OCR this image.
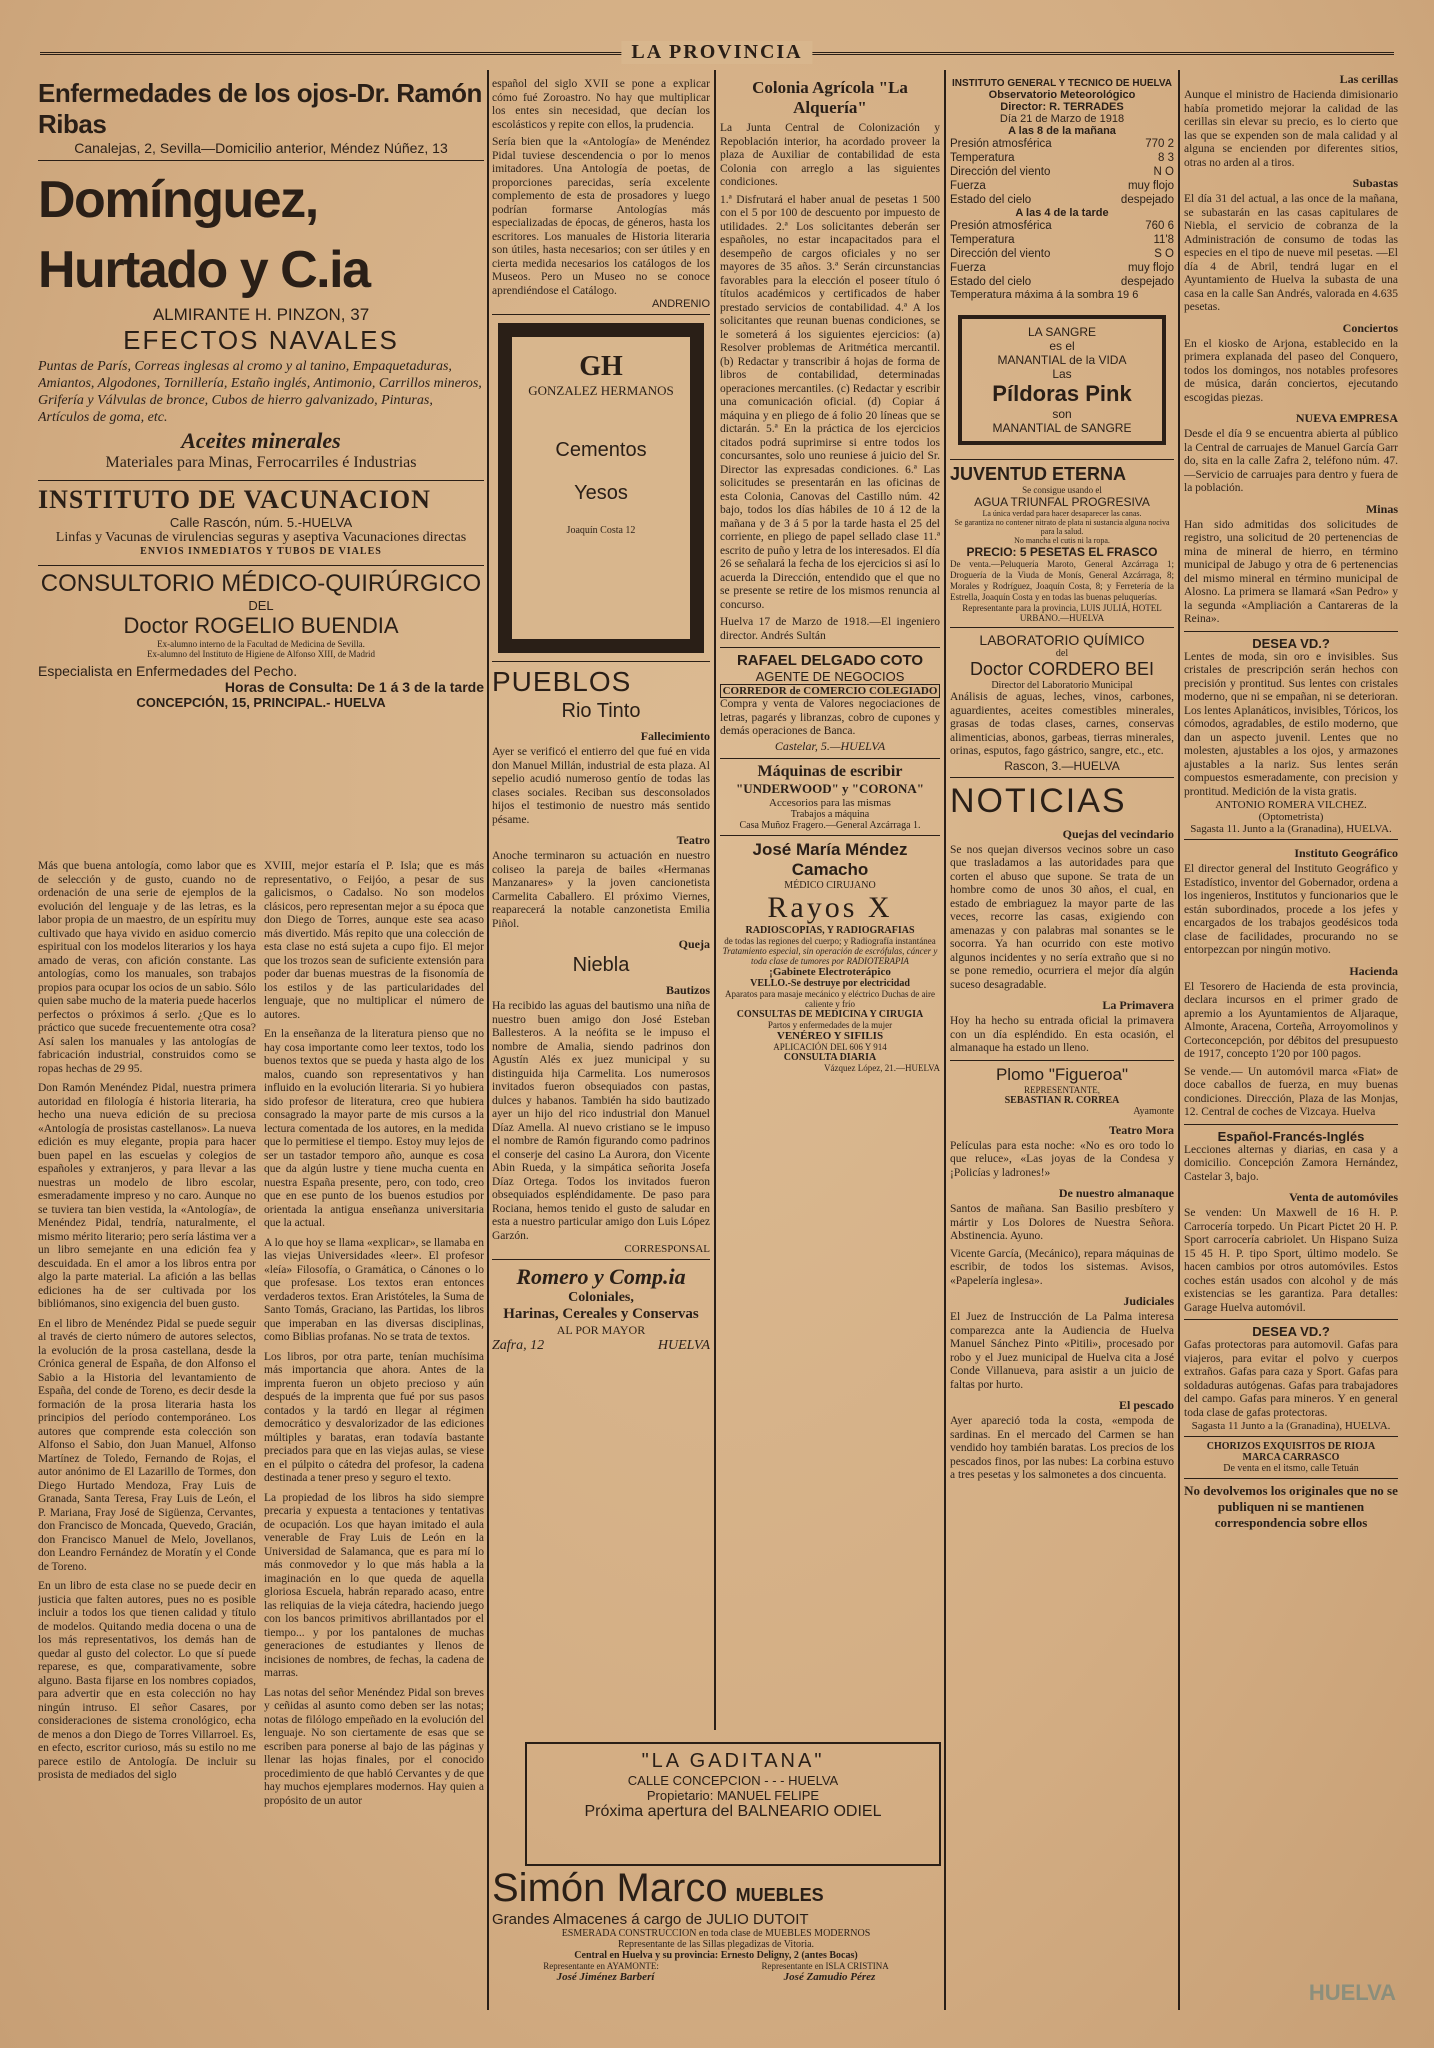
LA PROVINCIA
Enfermedades de los ojos-Dr. Ramón Ribas
Canalejas, 2, Sevilla—Domicilio anterior, Méndez Núñez, 13
Domínguez, Hurtado y C.ia
ALMIRANTE H. PINZON, 37
EFECTOS NAVALES

Puntas de París, Correas inglesas al cromo y al tanino, Empaquetaduras, Amiantos, Algodones, Tornillería, Estaño inglés, Antimonio, Carrillos mineros, Grifería y Válvulas de bronce, Cubos de hierro galvanizado, Pinturas, Artículos de goma, etc.

Aceites minerales
Materiales para Minas, Ferrocarriles é Industrias
INSTITUTO DE VACUNACION
Calle Rascón, núm. 5.-HUELVA
Linfas y Vacunas de virulencias seguras y aseptiva Vacunaciones directas
ENVIOS INMEDIATOS Y TUBOS DE VIALES
CONSULTORIO MÉDICO-QUIRÚRGICO
DEL
Doctor ROGELIO BUENDIA
Ex-alumno interno de la Facultad de Medicina de Sevilla.
Ex-alumno del Instituto de Higiene de Alfonso XIII, de Madrid
Especialista en Enfermedades del Pecho.
Horas de Consulta: De 1 á 3 de la tarde
CONCEPCIÓN, 15, PRINCIPAL.- HUELVA

Más que buena antología, como labor que es de selección y de gusto, cuando no de ordenación de una serie de ejemplos de la evolución del lenguaje y de las letras, es la labor propia de un maestro, de un espíritu muy cultivado que haya vivido en asiduo comercio espiritual con los modelos literarios y los haya amado de veras, con afición constante. Las antologías, como los manuales, son trabajos propios para ocupar los ocios de un sabio. Sólo quien sabe mucho de la materia puede hacerlos perfectos o próximos á serlo. ¿Que es lo práctico que sucede frecuentemente otra cosa? Así salen los manuales y las antologías de fabricación industrial, construidos como se ropas hechas de 29 95.

Don Ramón Menéndez Pidal, nuestra primera autoridad en filología é historia literaria, ha hecho una nueva edición de su preciosa «Antología de prosistas castellanos». La nueva edición es muy elegante, propia para hacer buen papel en las escuelas y colegios de españoles y extranjeros, y para llevar a las nuestras un modelo de libro escolar, esmeradamente impreso y no caro. Aunque no se tuviera tan bien vestida, la «Antología», de Menéndez Pidal, tendría, naturalmente, el mismo mérito literario; pero sería lástima ver a un libro semejante en una edición fea y descuidada. En el amor a los libros entra por algo la parte material. La afición a las bellas ediciones ha de ser cultivada por los bibliómanos, sino exigencia del buen gusto.

En el libro de Menéndez Pidal se puede seguir al través de cierto número de autores selectos, la evolución de la prosa castellana, desde la Crónica general de España, de don Alfonso el Sabio a la Historia del levantamiento de España, del conde de Toreno, es decir desde la formación de la prosa literaria hasta los principios del período contemporáneo. Los autores que comprende esta colección son Alfonso el Sabio, don Juan Manuel, Alfonso Martínez de Toledo, Fernando de Rojas, el autor anónimo de El Lazarillo de Tormes, don Diego Hurtado Mendoza, Fray Luis de Granada, Santa Teresa, Fray Luis de León, el P. Mariana, Fray José de Sigüenza, Cervantes, don Francisco de Moncada, Quevedo, Gracián, don Francisco Manuel de Melo, Jovellanos, don Leandro Fernández de Moratín y el Conde de Toreno.

En un libro de esta clase no se puede decir en justicia que falten autores, pues no es posible incluir a todos los que tienen calidad y título de modelos. Quitando media docena o una de los más representativos, los demás han de quedar al gusto del colector. Lo que sí puede reparese, es que, comparativamente, sobre alguno. Basta fijarse en los nombres copiados, para advertir que en esta colección no hay ningún intruso. El señor Casares, por consideraciones de sistema cronológico, echa de menos a don Diego de Torres Villarroel. Es, en efecto, escritor curioso, más su estilo no me parece estilo de Antología. De incluir su prosista de mediados del siglo

XVIII, mejor estaría el P. Isla; que es más representativo, o Feijóo, a pesar de sus galicismos, o Cadalso. No son modelos clásicos, pero representan mejor a su época que don Diego de Torres, aunque este sea acaso más divertido. Más repito que una colección de esta clase no está sujeta a cupo fijo. El mejor que los trozos sean de suficiente extensión para poder dar buenas muestras de la fisonomía de los estilos y de las particularidades del lenguaje, que no multiplicar el número de autores.

En la enseñanza de la literatura pienso que no hay cosa importante como leer textos, todo los buenos textos que se pueda y hasta algo de los malos, cuando son representativos y han influido en la evolución literaria. Si yo hubiera sido profesor de literatura, creo que hubiera consagrado la mayor parte de mis cursos a la lectura comentada de los autores, en la medida que lo permitiese el tiempo. Estoy muy lejos de ser un tastador temporo año, aunque es cosa que da algún lustre y tiene mucha cuenta en nuestra España presente, pero, con todo, creo que en ese punto de los buenos estudios por orientada la antigua enseñanza universitaria que la actual.

A lo que hoy se llama «explicar», se llamaba en las viejas Universidades «leer». El profesor «leía» Filosofía, o Gramática, o Cánones o lo que profesase. Los textos eran entonces verdaderos textos. Eran Aristóteles, la Suma de Santo Tomás, Graciano, las Partidas, los libros que imperaban en las diversas disciplinas, como Biblias profanas. No se trata de textos.

Los libros, por otra parte, tenían muchísima más importancia que ahora. Antes de la imprenta fueron un objeto precioso y aún después de la imprenta que fué por sus pasos contados y la tardó en llegar al régimen democrático y desvalorizador de las ediciones múltiples y baratas, eran todavía bastante preciados para que en las viejas aulas, se viese en el púlpito o cátedra del profesor, la cadena destinada a tener preso y seguro el texto.

La propiedad de los libros ha sido siempre precaria y expuesta a tentaciones y tentativas de ocupación. Los que hayan imitado el aula venerable de Fray Luis de León en la Universidad de Salamanca, que es para mí lo más conmovedor y lo que más habla a la imaginación en lo que queda de aquella gloriosa Escuela, habrán reparado acaso, entre las reliquias de la vieja cátedra, haciendo juego con los bancos primitivos abrillantados por el tiempo... y por los pantalones de muchas generaciones de estudiantes y llenos de incisiones de nombres, de fechas, la cadena de marras.

Las notas del señor Menéndez Pidal son breves y ceñidas al asunto como deben ser las notas; notas de filólogo empeñado en la evolución del lenguaje. No son ciertamente de esas que se escriben para ponerse al bajo de las páginas y llenar las hojas finales, por el conocido procedimiento de que habló Cervantes y de que hay muchos ejemplares modernos. Hay quien a propósito de un autor

español del siglo XVII se pone a explicar cómo fué Zoroastro. No hay que multiplicar los entes sin necesidad, que decían los escolásticos y repite con ellos, la prudencia.

Sería bien que la «Antología» de Menéndez Pidal tuviese descendencia o por lo menos imitadores. Una Antología de poetas, de proporciones parecidas, sería excelente complemento de esta de prosadores y luego podrían formarse Antologías más especializadas de épocas, de géneros, hasta los escritores. Los manuales de Historia literaria son útiles, hasta necesarios; con ser útiles y en cierta medida necesarios los catálogos de los Museos. Pero un Museo no se conoce aprendiéndose el Catálogo.

ANDRENIO
GH
GONZALEZ HERMANOS
Cementos
Yesos
Joaquín Costa 12
PUEBLOS
Rio Tinto
Fallecimiento

Ayer se verificó el entierro del que fué en vida don Manuel Millán, industrial de esta plaza. Al sepelio acudió numeroso gentío de todas las clases sociales. Reciban sus desconsolados hijos el testimonio de nuestro más sentido pésame.

Teatro

Anoche terminaron su actuación en nuestro coliseo la pareja de bailes «Hermanas Manzanares» y la joven cancionetista Carmelita Caballero. El próximo Viernes, reaparecerá la notable canzonetista Emilia Piñol.

Queja
Niebla
Bautizos

Ha recibido las aguas del bautismo una niña de nuestro buen amigo don José Esteban Ballesteros. A la neófita se le impuso el nombre de Amalia, siendo padrinos don Agustín Alés ex juez municipal y su distinguida hija Carmelita. Los numerosos invitados fueron obsequiados con pastas, dulces y habanos. También ha sido bautizado ayer un hijo del rico industrial don Manuel Díaz Amella. Al nuevo cristiano se le impuso el nombre de Ramón figurando como padrinos el conserje del casino La Aurora, don Vicente Abin Rueda, y la simpática señorita Josefa Díaz Ortega. Todos los invitados fueron obsequiados espléndidamente. De paso para Rociana, hemos tenido el gusto de saludar en esta a nuestro particular amigo don Luis López Garzón.

CORRESPONSAL
Romero y Comp.ia
Coloniales,
Harinas, Cereales y Conservas
AL POR MAYOR
Zafra, 12	HUELVA
Colonia Agrícola "La Alquería"

La Junta Central de Colonización y Repoblación interior, ha acordado proveer la plaza de Auxiliar de contabilidad de esta Colonia con arreglo a las siguientes condiciones.

1.ª Disfrutará el haber anual de pesetas 1 500 con el 5 por 100 de descuento por impuesto de utilidades. 2.ª Los solicitantes deberán ser españoles, no estar incapacitados para el desempeño de cargos oficiales y no ser mayores de 35 años. 3.ª Serán circunstancias favorables para la elección el poseer título ó títulos académicos y certificados de haber prestado servicios de contabilidad. 4.ª A los solicitantes que reunan buenas condiciones, se le someterá á los siguientes ejercicios: (a) Resolver problemas de Aritmética mercantil. (b) Redactar y transcribir á hojas de forma de libros de contabilidad, determinadas operaciones mercantiles. (c) Redactar y escribir una comunicación oficial. (d) Copiar á máquina y en pliego de á folio 20 líneas que se dictarán. 5.ª En la práctica de los ejercicios citados podrá suprimirse si entre todos los concursantes, solo uno reuniese á juicio del Sr. Director las expresadas condiciones. 6.ª Las solicitudes se presentarán en las oficinas de esta Colonia, Canovas del Castillo núm. 42 bajo, todos los días hábiles de 10 á 12 de la mañana y de 3 á 5 por la tarde hasta el 25 del corriente, en pliego de papel sellado clase 11.ª escrito de puño y letra de los interesados. El día 26 se señalará la fecha de los ejercicios si así lo acuerda la Dirección, entendido que el que no se presente se retire de los mismos renuncia al concurso.

Huelva 17 de Marzo de 1918.—El ingeniero director. Andrés Sultán

RAFAEL DELGADO COTO
AGENTE DE NEGOCIOS
CORREDOR de COMERCIO COLEGIADO

Compra y venta de Valores negociaciones de letras, pagarés y libranzas, cobro de cupones y demás operaciones de Banca.

Castelar, 5.—HUELVA
Máquinas de escribir
"UNDERWOOD" y "CORONA"
Accesorios para las mismas
Trabajos a máquina
Casa Muñoz Fragero.—General Azcárraga 1.
José María Méndez Camacho
MÉDICO CIRUJANO
Rayos X
RADIOSCOPIAS, Y RADIOGRAFIAS
de todas las regiones del cuerpo; y Radiografía instantánea
Tratamiento especial, sin operación de escrófulas, cáncer y toda clase de tumores por RADIOTERAPIA
¡Gabinete Electroterápico
VELLO.-Se destruye por electricidad
Aparatos para masaje mecánico y eléctrico Duchas de aire caliente y frío
CONSULTAS DE MEDICINA Y CIRUGIA
Partos y enfermedades de la mujer
VENÉREO Y SIFILIS
APLICACIÓN DEL 606 Y 914
CONSULTA DIARIA
Vázquez López, 21.—HUELVA
"LA GADITANA"
CALLE CONCEPCION - - - HUELVA
Propietario: MANUEL FELIPE
Próxima apertura del BALNEARIO ODIEL
Simón Marco MUEBLES
Grandes Almacenes á cargo de JULIO DUTOIT
ESMERADA CONSTRUCCION en toda clase de MUEBLES MODERNOS
Representante de las Sillas plegadizas de Vitoria.
Central en Huelva y su provincia: Ernesto Deligny, 2 (antes Bocas)
Representante en AYAMONTE:	Representante en ISLA CRISTINA
José Jiménez Barberí	José Zamudio Pérez
INSTITUTO GENERAL Y TÉCNICO DE HUELVA
Observatorio Meteorológico
Director: R. TERRADES
Día 21 de Marzo de 1918
A las 8 de la mañana
Presión atmosférica	770 2
Temperatura	8 3
Dirección del viento	N O
Fuerza	muy flojo
Estado del cielo	despejado
A las 4 de la tarde
Presión atmosférica	760 6
Temperatura	11'8
Dirección del viento	S O
Fuerza	muy flojo
Estado del cielo	despejado
Temperatura máxima á la sombra 19 6
LA SANGRE
es el
MANANTIAL de la VIDA
Las
Píldoras Pink
son
MANANTIAL de SANGRE
JUVENTUD ETERNA
Se consigue usando el
AGUA TRIUNFAL PROGRESIVA
La única verdad para hacer desaparecer las canas.
Se garantiza no contener nitrato de plata ni sustancia alguna nociva para la salud.
No mancha el cutis ni la ropa.
PRECIO: 5 PESETAS EL FRASCO

De venta.—Peluquería Maroto, General Azcárraga 1; Droguería de la Viuda de Monís, General Azcárraga, 8; Morales y Rodríguez, Joaquín Costa, 8; y Ferretería de la Estrella, Joaquín Costa y en todas las buenas peluquerías.

Representante para la provincia, LUIS JULIÁ, HOTEL URBANO.—HUELVA
LABORATORIO QUÍMICO
del
Doctor CORDERO BEI
Director del Laboratorio Municipal

Análisis de aguas, leches, vinos, carbones, aguardientes, aceites comestibles minerales, grasas de todas clases, carnes, conservas alimenticias, abonos, garbeas, tierras minerales, orinas, esputos, fago gástrico, sangre, etc., etc.

Rascon, 3.—HUELVA
NOTICIAS
Quejas del vecindario

Se nos quejan diversos vecinos sobre un caso que trasladamos a las autoridades para que corten el abuso que supone. Se trata de un hombre como de unos 30 años, el cual, en estado de embriaguez la mayor parte de las veces, recorre las casas, exigiendo con amenazas y con palabras mal sonantes se le socorra. Ya han ocurrido con este motivo algunos incidentes y no sería extraño que si no se pone remedio, ocurriera el mejor día algún suceso desagradable.

La Primavera

Hoy ha hecho su entrada oficial la primavera con un día espléndido. En esta ocasión, el almanaque ha estado un lleno.

Plomo "Figueroa"
REPRESENTANTE,
SEBASTIAN R. CORREA
Ayamonte
Teatro Mora

Películas para esta noche: «No es oro todo lo que reluce», «Las joyas de la Condesa y ¡Policías y ladrones!»

De nuestro almanaque

Santos de mañana. San Basilio presbítero y mártir y Los Dolores de Nuestra Señora. Abstinencia. Ayuno.

Vicente García, (Mecánico), repara máquinas de escribir, de todos los sistemas. Avisos, «Papelería inglesa».

Judiciales

El Juez de Instrucción de La Palma interesa comparezca ante la Audiencia de Huelva Manuel Sánchez Pinto «Pitili», procesado por robo y el Juez municipal de Huelva cita a José Conde Villanueva, para asistir a un juicio de faltas por hurto.

El pescado

Ayer apareció toda la costa, «empoda de sardinas. En el mercado del Carmen se han vendido hoy también baratas. Los precios de los pescados finos, por las nubes: La corbina estuvo a tres pesetas y los salmonetes a dos cincuenta.

Las cerillas

Aunque el ministro de Hacienda dimisionario había prometido mejorar la calidad de las cerillas sin elevar su precio, es lo cierto que las que se expenden son de mala calidad y al alguna se encienden por diferentes sitios, otras no arden al a tiros.

Subastas

El día 31 del actual, a las once de la mañana, se subastarán en las casas capitulares de Niebla, el servicio de cobranza de la Administración de consumo de todas las especies en el tipo de nueve mil pesetas. —El día 4 de Abril, tendrá lugar en el Ayuntamiento de Huelva la subasta de una casa en la calle San Andrés, valorada en 4.635 pesetas.

Conciertos

En el kiosko de Arjona, establecido en la primera explanada del paseo del Conquero, todos los domingos, nos notables profesores de música, darán conciertos, ejecutando escogidas piezas.

NUEVA EMPRESA

Desde el día 9 se encuentra abierta al público la Central de carruajes de Manuel García Garr do, sita en la calle Zafra 2, teléfono núm. 47.—Servicio de carruajes para dentro y fuera de la población.

Minas

Han sido admitidas dos solicitudes de registro, una solicitud de 20 pertenencias de mina de mineral de hierro, en término municipal de Jabugo y otra de 6 pertenencias del mismo mineral en término municipal de Alosno. La primera se llamará «San Pedro» y la segunda «Ampliación a Cantareras de la Reina».

DESEA VD.?

Lentes de moda, sin oro e invisibles. Sus cristales de prescripción serán hechos con precisión y prontitud. Sus lentes con cristales moderno, que ni se empañan, ni se deterioran. Los lentes Aplanáticos, invisibles, Tóricos, los cómodos, agradables, de estilo moderno, que dan un aspecto juvenil. Lentes que no molesten, ajustables a los ojos, y armazones ajustables a la nariz. Sus lentes serán compuestos esmeradamente, con precision y prontitud. Medición de la vista gratis.

ANTONIO ROMERA VILCHEZ. (Optometrista)
Sagasta 11. Junto a la (Granadina), HUELVA.
Instituto Geográfico

El director general del Instituto Geográfico y Estadístico, inventor del Gobernador, ordena a los ingenieros, Institutos y funcionarios que le están subordinados, procede a los jefes y encargados de los trabajos geodésicos toda clase de facilidades, procurando no se entorpezcan por ningún motivo.

Hacienda

El Tesorero de Hacienda de esta provincia, declara incursos en el primer grado de apremio a los Ayuntamientos de Aljaraque, Almonte, Aracena, Corteña, Arroyomolinos y Corteconcepción, por débitos del presupuesto de 1917, concepto 1'20 por 100 pagos.

Se vende.— Un automóvil marca «Fiat» de doce caballos de fuerza, en muy buenas condiciones. Dirección, Plaza de las Monjas, 12. Central de coches de Vizcaya. Huelva

Español-Francés-Inglés

Lecciones alternas y diarias, en casa y a domicilio. Concepción Zamora Hernández, Castelar 3, bajo.

Venta de automóviles

Se venden: Un Maxwell de 16 H. P. Carrocería torpedo. Un Picart Pictet 20 H. P. Sport carrocería cabriolet. Un Hispano Suiza 15 45 H. P. tipo Sport, último modelo. Se hacen cambios por otros automóviles. Estos coches están usados con alcohol y de más existencias se les garantiza. Para detalles: Garage Huelva automóvil.

DESEA VD.?

Gafas protectoras para automovil. Gafas para viajeros, para evitar el polvo y cuerpos extraños. Gafas para caza y Sport. Gafas para soldaduras autógenas. Gafas para trabajadores del campo. Gafas para mineros. Y en general toda clase de gafas protectoras.

Sagasta 11 Junto a la (Granadina), HUELVA.
CHORIZOS EXQUISITOS DE RIOJA
MARCA CARRASCO
De venta en el itsmo, calle Tetuán
No devolvemos los originales que no se publiquen ni se mantienen correspondencia sobre ellos
HUELVA
